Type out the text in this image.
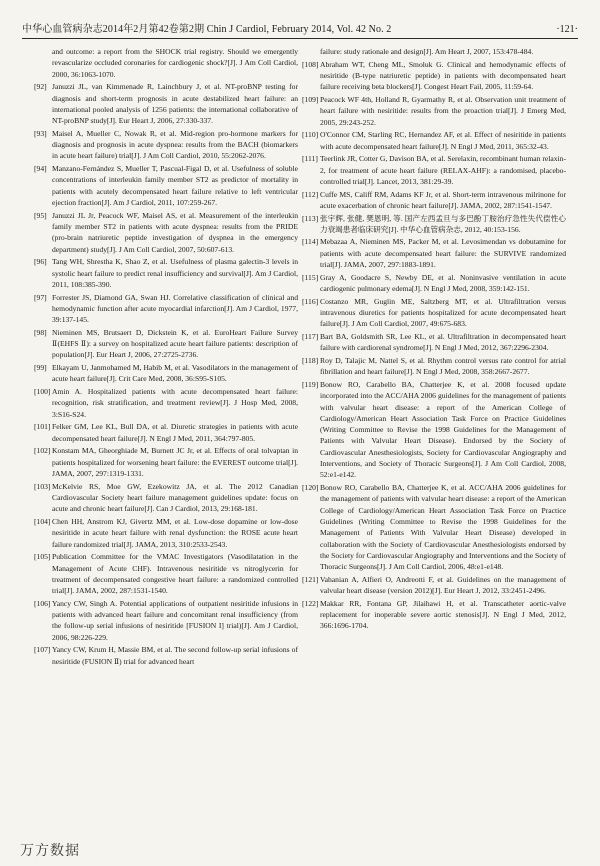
中华心血管病杂志2014年2月第42卷第2期 Chin J Cardiol, February 2014, Vol. 42 No. 2	·121·
and outcome: a report from the SHOCK trial registry. Should we emergently revascularize occluded coronaries for cardiogenic shock?[J]. J Am Coll Cardiol, 2000, 36:1063-1070.
[92] Januzzi JL, van Kimmenade R, Lainchbury J, et al. NT-proBNP testing for diagnosis and short-term prognosis in acute destabilized heart failure: an international pooled analysis of 1256 patients: the international collaborative of NT-proBNP study[J]. Eur Heart J, 2006, 27:330-337.
[93] Maisel A, Mueller C, Nowak R, et al. Mid-region pro-hormone markers for diagnosis and prognosis in acute dyspnea: results from the BACH (biomarkers in acute heart failure) trial[J]. J Am Coll Cardiol, 2010, 55:2062-2076.
[94] Manzano-Fernández S, Mueller T, Pascual-Figal D, et al. Usefulness of soluble concentrations of interleukin family member ST2 as predictor of mortality in patients with acutely decompensated heart failure relative to left ventricular ejection fraction[J]. Am J Cardiol, 2011, 107:259-267.
[95] Januzzi JL Jr, Peacock WF, Maisel AS, et al. Measurement of the interleukin family member ST2 in patients with acute dyspnea: results from the PRIDE (pro-brain natriuretic peptide investigation of dyspnea in the emergency department) study[J]. J Am Coll Cardiol, 2007, 50:607-613.
[96] Tang WH, Shrestha K, Shao Z, et al. Usefulness of plasma galectin-3 levels in systolic heart failure to predict renal insufficiency and survival[J]. Am J Cardiol, 2011, 108:385-390.
[97] Forrester JS, Diamond GA, Swan HJ. Correlative classification of clinical and hemodynamic function after acute myocardial infarction[J]. Am J Cardiol, 1977, 39:137-145.
[98] Nieminen MS, Brutsaert D, Dickstein K, et al. EuroHeart Failure Survey Ⅱ(EHFS Ⅱ): a survey on hospitalized acute heart failure patients: description of population[J]. Eur Heart J, 2006, 27:2725-2736.
[99] Elkayam U, Janmohamed M, Habib M, et al. Vasodilators in the management of acute heart failure[J]. Crit Care Med, 2008, 36:S95-S105.
[100] Amin A. Hospitalized patients with acute decompensated heart failure: recognition, risk stratification, and treatment review[J]. J Hosp Med, 2008, 3:S16-S24.
[101] Felker GM, Lee KL, Bull DA, et al. Diuretic strategies in patients with acute decompensated heart failure[J]. N Engl J Med, 2011, 364:797-805.
[102] Konstam MA, Gheorghiade M, Burnett JC Jr, et al. Effects of oral tolvaptan in patients hospitalized for worsening heart failure: the EVEREST outcome trial[J]. JAMA, 2007, 297:1319-1331.
[103] McKelvie RS, Moe GW, Ezekowitz JA, et al. The 2012 Canadian Cardiovascular Society heart failure management guidelines update: focus on acute and chronic heart failure[J]. Can J Cardiol, 2013, 29:168-181.
[104] Chen HH, Anstrom KJ, Givertz MM, et al. Low-dose dopamine or low-dose nesiritide in acute heart failure with renal dysfunction: the ROSE acute heart failure randomized trial[J]. JAMA, 2013, 310:2533-2543.
[105] Publication Committee for the VMAC Investigators (Vasodilatation in the Management of Acute CHF). Intravenous nesiritide vs nitroglycerin for treatment of decompensated congestive heart failure: a randomized controlled trial[J]. JAMA, 2002, 287:1531-1540.
[106] Yancy CW, Singh A. Potential applications of outpatient nesiritide infusions in patients with advanced heart failure and concomitant renal insufficiency (from the follow-up serial infusions of nesiritide [FUSION I] trial)[J]. Am J Cardiol, 2006, 98:226-229.
[107] Yancy CW, Krum H, Massie BM, et al. The second follow-up serial infusions of nesiritide (FUSION Ⅱ) trial for advanced heart
failure: study rationale and design[J]. Am Heart J, 2007, 153:478-484.
[108] Abraham WT, Cheng ML, Smoluk G. Clinical and hemodynamic effects of nesiritide (B-type natriuretic peptide) in patients with decompensated heart failure receiving beta blockers[J]. Congest Heart Fail, 2005, 11:59-64.
[109] Peacock WF 4th, Holland R, Gyarmathy R, et al. Observation unit treatment of heart failure with nesiritide: results from the proaction trial[J]. J Emerg Med, 2005, 29:243-252.
[110] O'Connor CM, Starling RC, Hernandez AF, et al. Effect of nesiritide in patients with acute decompensated heart failure[J]. N Engl J Med, 2011, 365:32-43.
[111] Teerlink JR, Cotter G, Davison BA, et al. Serelaxin, recombinant human relaxin-2, for treatment of acute heart failure (RELAX-AHF): a randomised, placebo-controlled trial[J]. Lancet, 2013, 381:29-39.
[112] Cuffe MS, Califf RM, Adams KF Jr, et al. Short-term intravenous milrinone for acute exacerbation of chronic heart failure[J]. JAMA, 2002, 287:1541-1547.
[113] 张宇辉, 张健, 樊恩明, 等. 国产左西孟旦与多巴酚丁胺治疗急性失代偿性心力衰竭患者临床研究[J]. 中华心血管病杂志, 2012, 40:153-156.
[114] Mebazaa A, Nieminen MS, Packer M, et al. Levosimendan vs dobutamine for patients with acute decompensated heart failure: the SURVIVE randomized trial[J]. JAMA, 2007, 297:1883-1891.
[115] Gray A, Goodacre S, Newby DE, et al. Noninvasive ventilation in acute cardiogenic pulmonary edema[J]. N Engl J Med, 2008, 359:142-151.
[116] Costanzo MR, Guglin ME, Saltzberg MT, et al. Ultrafiltration versus intravenous diuretics for patients hospitalized for acute decompensated heart failure[J]. J Am Coll Cardiol, 2007, 49:675-683.
[117] Bart BA, Goldsmith SR, Lee KL, et al. Ultrafiltration in decompensated heart failure with cardiorenal syndrome[J]. N Engl J Med, 2012, 367:2296-2304.
[118] Roy D, Talajic M, Nattel S, et al. Rhythm control versus rate control for atrial fibrillation and heart failure[J]. N Engl J Med, 2008, 358:2667-2677.
[119] Bonow RO, Carabello BA, Chatterjee K, et al. 2008 focused update incorporated into the ACC/AHA 2006 guidelines for the management of patients with valvular heart disease: a report of the American College of Cardiology/American Heart Association Task Force on Practice Guidelines (Writing Committee to Revise the 1998 Guidelines for the Management of Patients with Valvular Heart Disease). Endorsed by the Society of Cardiovascular Anesthesiologists, Society for Cardiovascular Angiography and Interventions, and Society of Thoracic Surgeons[J]. J Am Coll Cardiol, 2008, 52:e1-e142.
[120] Bonow RO, Carabello BA, Chatterjee K, et al. ACC/AHA 2006 guidelines for the management of patients with valvular heart disease: a report of the American College of Cardiology/American Heart Association Task Force on Practice Guidelines (Writing Committee to Revise the 1998 Guidelines for the Management of Patients With Valvular Heart Disease) developed in collaboration with the Society of Cardiovascular Anesthesiologists endorsed by the Society for Cardiovascular Angiography and Interventions and the Society of Thoracic Surgeons[J]. J Am Coll Cardiol, 2006, 48:e1-e148.
[121] Vahanian A, Alfieri O, Andreotti F, et al. Guidelines on the management of valvular heart disease (version 2012)[J]. Eur Heart J, 2012, 33:2451-2496.
[122] Makkar RR, Fontana GP, Jilaihawi H, et al. Transcatheter aortic-valve replacement for inoperable severe aortic stenosis[J]. N Engl J Med, 2012, 366:1696-1704.
万方数据
